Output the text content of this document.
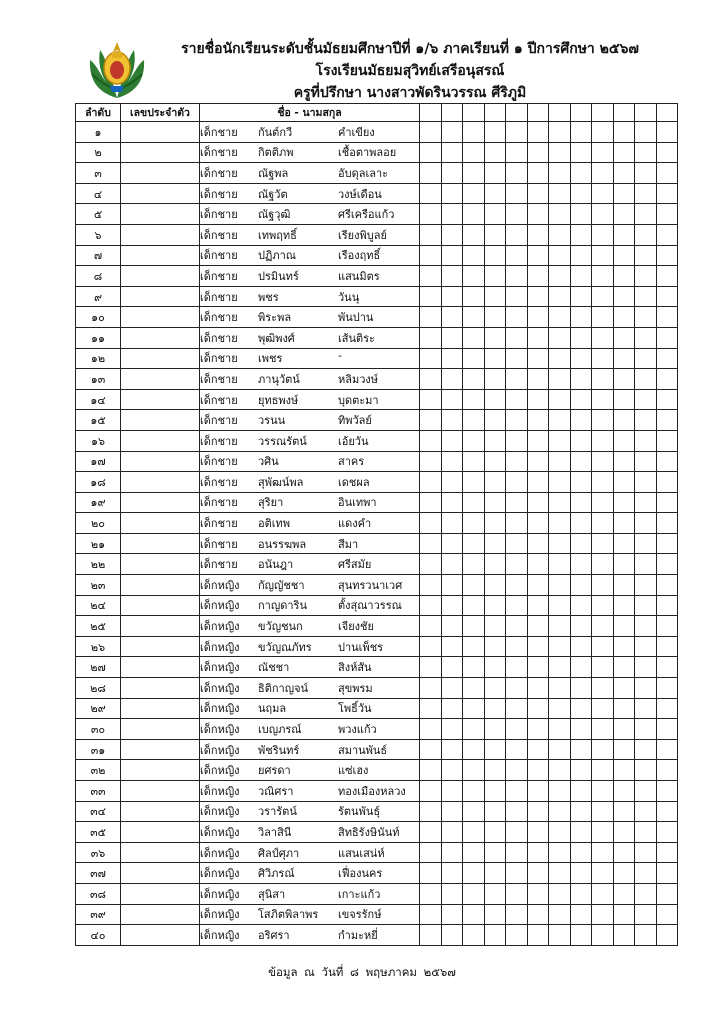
รายชื่อนักเรียนระดับชั้นมัธยมศึกษาปีที่ ๑/๖ ภาคเรียนที่ ๑ ปีการศึกษา ๒๕๖๗
โรงเรียนมัธยมสุวิทย์เสรีอนุสรณ์
ครูที่ปรึกษา นางสาวพัดรินวรรณ ศีริภูมิ
ลำดับ	เลขประจำตัว	ชื่อ - นามสกุล												
๑		เด็กชาย กันต์กวี คำเขียง												

๒		เด็กชาย กิตติภพ เชื้อตาพลอย												

๓		เด็กชาย ณัฐพล อับดุลเลาะ												

๔		เด็กชาย ณัฐวัต วงษ์เดือน												

๕		เด็กชาย ณัฐวุฒิ ศรีเครือแก้ว												

๖		เด็กชาย เทพฤทธิ์ เรียงพิบูลย์												

๗		เด็กชาย ปฏิภาณ เรืองฤทธิ์												

๘		เด็กชาย ปรมินทร์ แสนมิตร												

๙		เด็กชาย พชร วันนุ												

๑๐		เด็กชาย พิระพล พันปาน												

๑๑		เด็กชาย พุฒิพงศ์ เส้นติระ												

๑๒		เด็กชาย เพชร -												

๑๓		เด็กชาย ภานุวัตน์ หลิมวงษ์												

๑๔		เด็กชาย ยุทธพงษ์ บุดตะมา												

๑๕		เด็กชาย วรนน ทิพวัลย์												

๑๖		เด็กชาย วรรณรัตน์ เอ้ยวัน												

๑๗		เด็กชาย วศิน สาคร												

๑๘		เด็กชาย สุพัฒน์พล เดชผล												

๑๙		เด็กชาย สุริยา อินเทพา												

๒๐		เด็กชาย อติเทพ แดงคำ												

๒๑		เด็กชาย อนรรฆพล สีมา												

๒๒		เด็กชาย อนันฎา ศรีสมัย												

๒๓		เด็กหญิง กัญญัชชา สุนทรวนาเวศ												

๒๔		เด็กหญิง กาญดาริน ตั้งสุณาวรรณ												

๒๕		เด็กหญิง ขวัญชนก เจียงชัย												

๒๖		เด็กหญิง ขวัญณภัทร ปานเพ็ชร												

๒๗		เด็กหญิง ณัชชา สิงห์สัน												

๒๘		เด็กหญิง ธิติกาญจน์ สุขพรม												

๒๙		เด็กหญิง นฤมล โพธิ์วัน												

๓๐		เด็กหญิง เบญภรณ์ พวงแก้ว												

๓๑		เด็กหญิง พัชรินทร์ สมานพันธ์												

๓๒		เด็กหญิง ยศรดา แซ่เฮง												

๓๓		เด็กหญิง วณิศรา ทองเมืองหลวง												

๓๔		เด็กหญิง วรารัตน์ รัตนพันธุ์												

๓๕		เด็กหญิง วิลาสินี สิทธิรังษินันท์												

๓๖		เด็กหญิง ศิลป์ศุภา แสนเสน่ห์												

๓๗		เด็กหญิง ศิวิภรณ์ เฟื่องนคร												

๓๘		เด็กหญิง สุนิสา เกาะแก้ว												

๓๙		เด็กหญิง โสภิตพิลาพร เขจรรักษ์												

๔๐		เด็กหญิง อริศรา กำมะหยี่												

ข้อมูล ณ วันที่ ๘ พฤษภาคม ๒๕๖๗
